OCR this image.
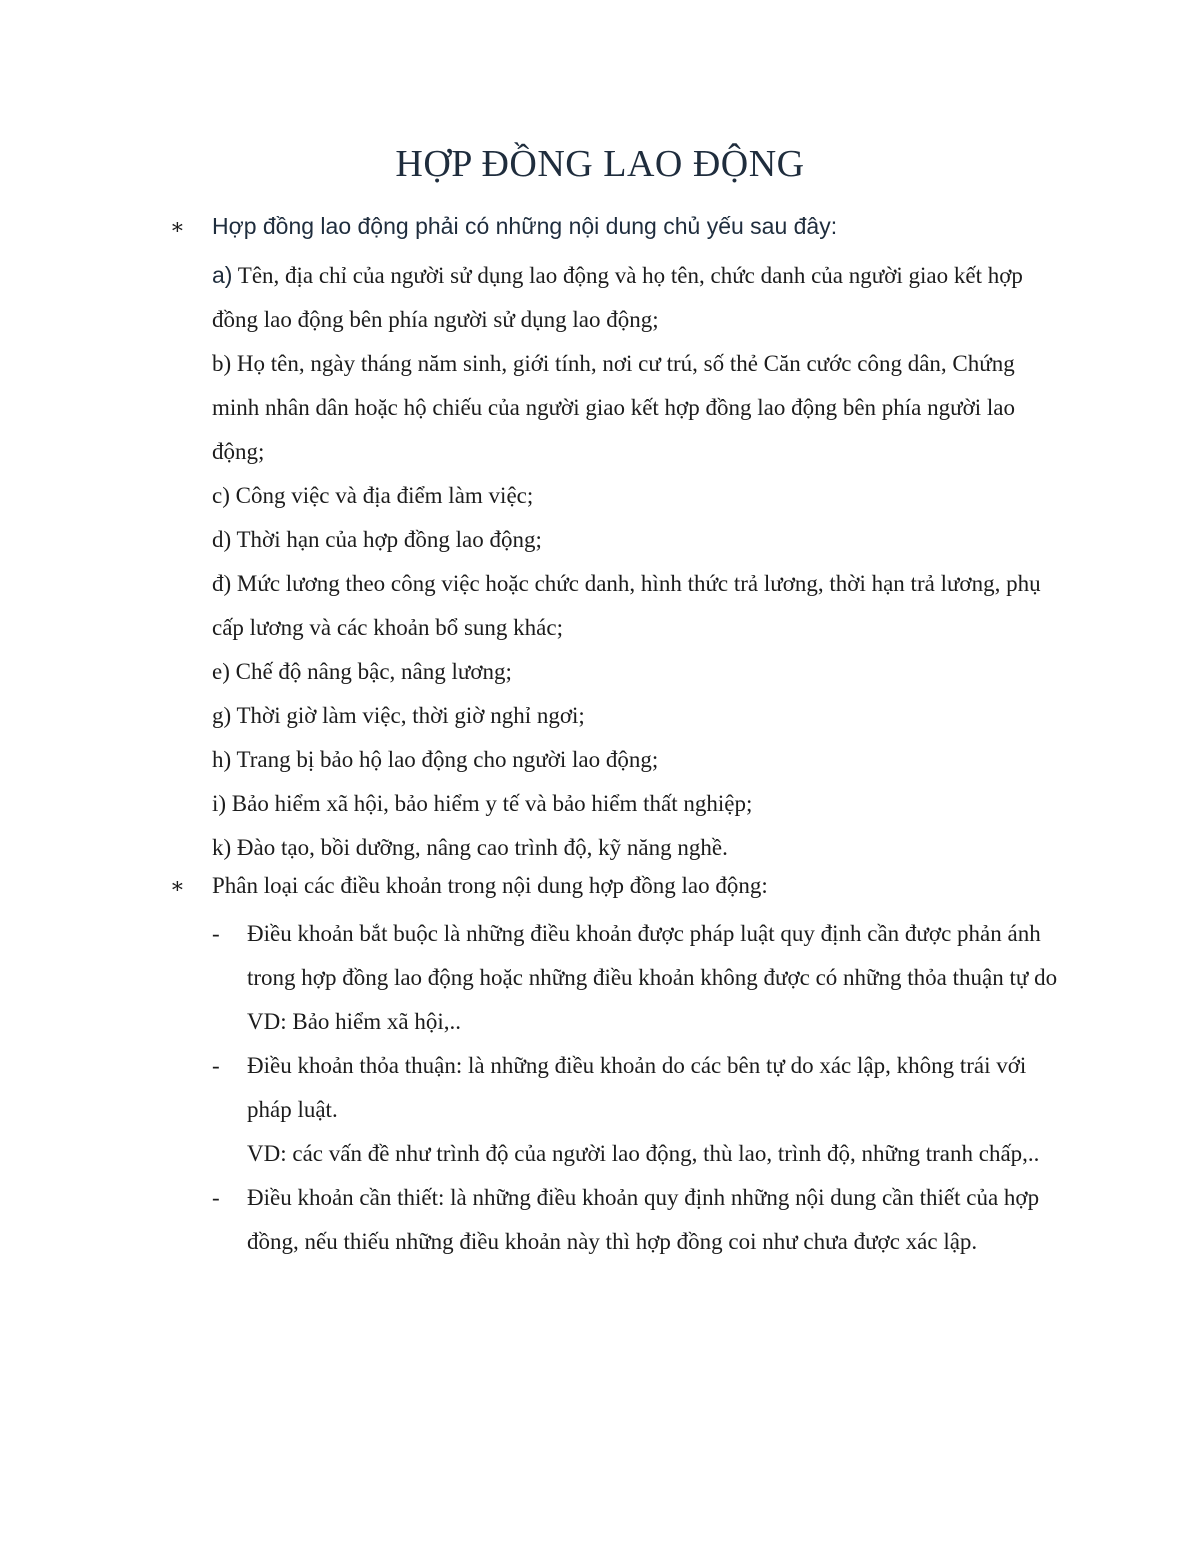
HỢP ĐỒNG LAO ĐỘNG
∗	Hợp đồng lao động phải có những nội dung chủ yếu sau đây:

a) Tên, địa chỉ của người sử dụng lao động và họ tên, chức danh của người giao kết hợp đồng lao động bên phía người sử dụng lao động;

b) Họ tên, ngày tháng năm sinh, giới tính, nơi cư trú, số thẻ Căn cước công dân, Chứng minh nhân dân hoặc hộ chiếu của người giao kết hợp đồng lao động bên phía người lao động;

c) Công việc và địa điểm làm việc;

d) Thời hạn của hợp đồng lao động;

đ) Mức lương theo công việc hoặc chức danh, hình thức trả lương, thời hạn trả lương, phụ cấp lương và các khoản bổ sung khác;

e) Chế độ nâng bậc, nâng lương;

g) Thời giờ làm việc, thời giờ nghỉ ngơi;

h) Trang bị bảo hộ lao động cho người lao động;

i) Bảo hiểm xã hội, bảo hiểm y tế và bảo hiểm thất nghiệp;

k) Đào tạo, bồi dưỡng, nâng cao trình độ, kỹ năng nghề.

∗	Phân loại các điều khoản trong nội dung hợp đồng lao động:
-	Điều khoản bắt buộc là những điều khoản được pháp luật quy định cần được phản ánh trong hợp đồng lao động hoặc những điều khoản không được có những thỏa thuận tự do

VD: Bảo hiểm xã hội,..

-	Điều khoản thỏa thuận: là những điều khoản do các bên tự do xác lập, không trái với pháp luật.

VD: các vấn đề như trình độ của người lao động, thù lao, trình độ, những tranh chấp,..

-	Điều khoản cần thiết: là những điều khoản quy định những nội dung cần thiết của hợp đồng, nếu thiếu những điều khoản này thì hợp đồng coi như chưa được xác lập.
